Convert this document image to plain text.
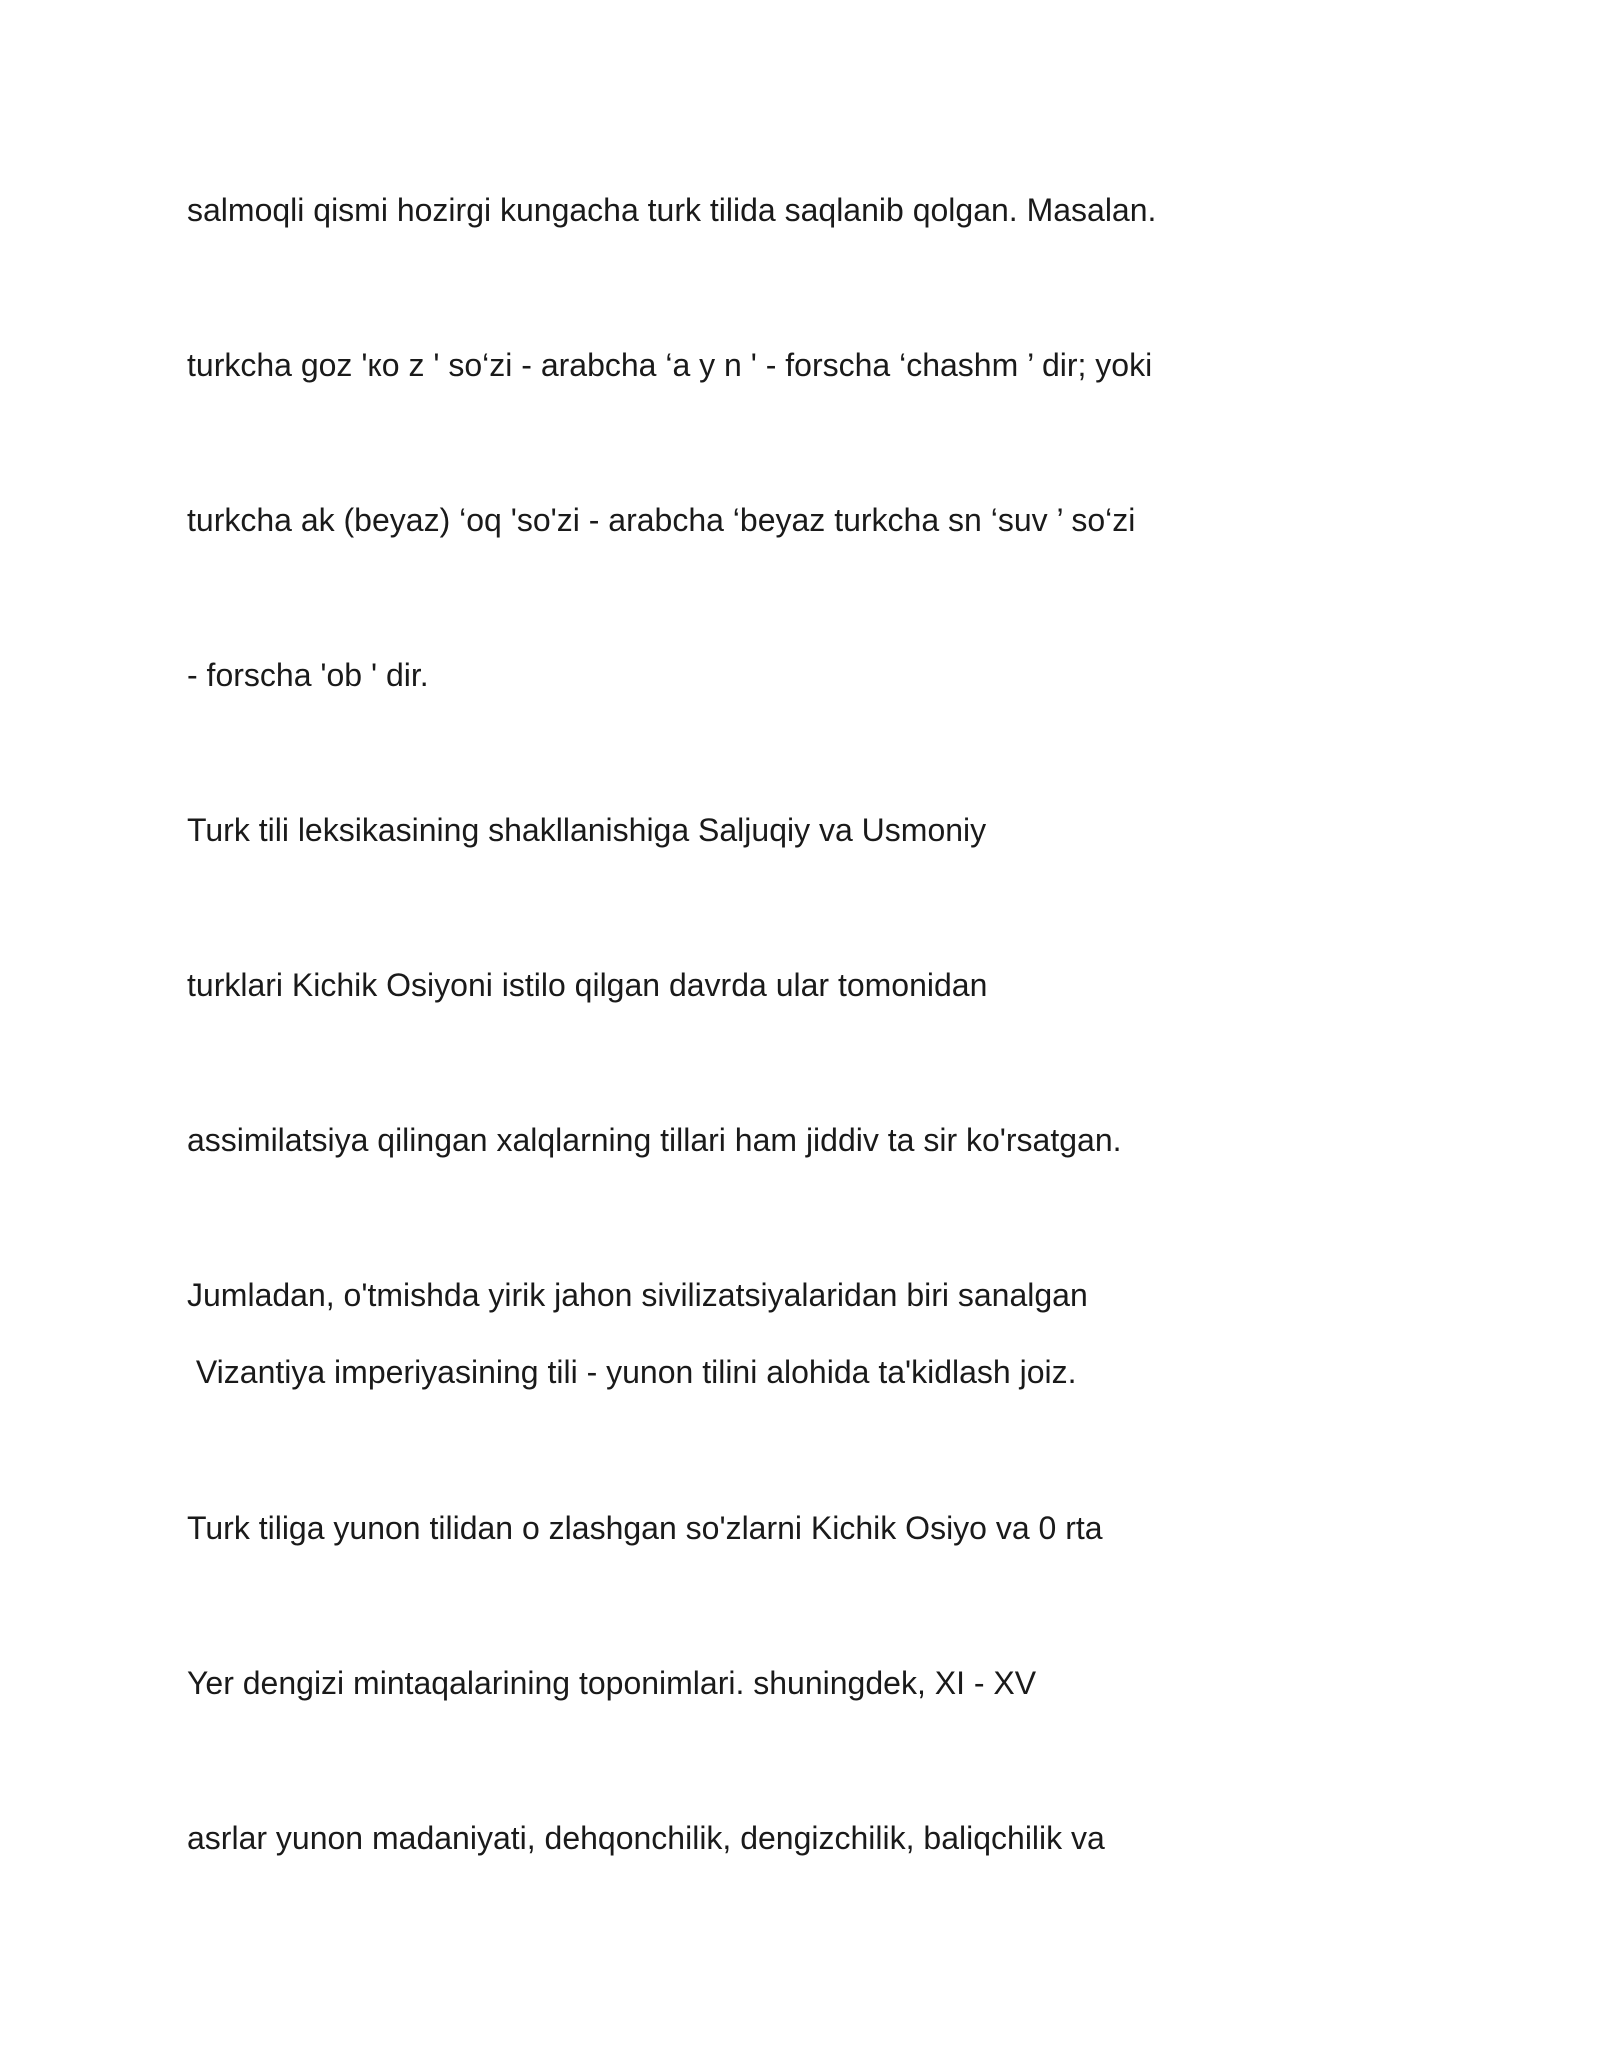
salmoqli qismi hozirgi kungacha turk tilida saqlanib qolgan. Masalan.
turkcha goz 'ко z ' so‘zi - arabcha ‘a y n ' - forscha ‘chashm ’ dir; yoki
turkcha ak (beyaz) ‘oq 'so'zi - arabcha ‘beyaz turkcha sn ‘suv ’ so‘zi
- forscha 'ob ' dir.
Turk tili leksikasining shakllanishiga Saljuqiy va Usmoniy
turklari Kichik Osiyoni istilo qilgan davrda ular tomonidan
assimilatsiya qilingan xalqlarning tillari ham jiddiv ta sir ko'rsatgan.
Jumladan, o'tmishda yirik jahon sivilizatsiyalaridan biri sanalgan
Vizantiya imperiyasining tili - yunon tilini alohida ta'kidlash joiz.
Turk tiliga yunon tilidan o zlashgan so'zlarni Kichik Osiyo va 0 rta
Yer dengizi mintaqalarining toponimlari. shuningdek, XI - XV
asrlar yunon madaniyati, dehqonchilik, dengizchilik, baliqchilik va
